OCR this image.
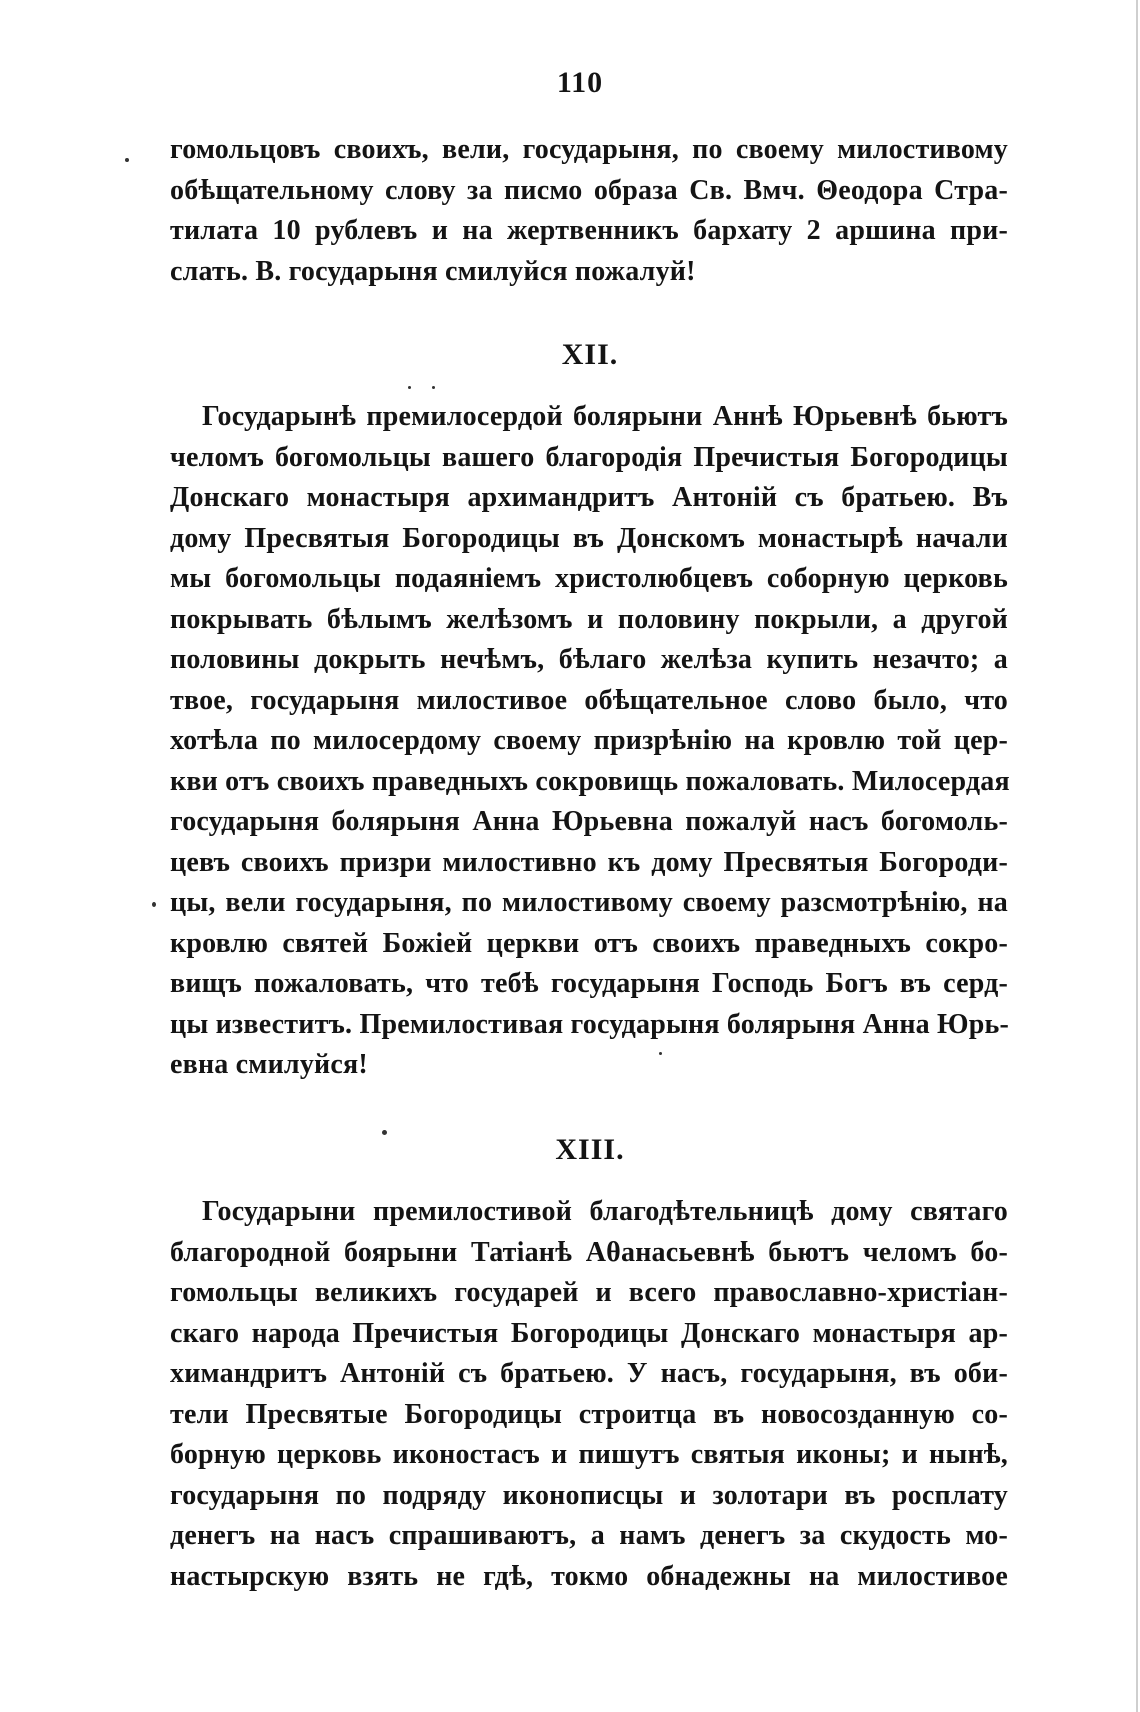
110
гомольцовъ своихъ, вели, государыня, по своему милостивому
обѣщательному слову за писмо образа Св. Вмч. Θеодора Стра-
тилата 10 рублевъ и на жертвенникъ бархату 2 аршина при-
слать. В. государыня смилуйся пожалуй!
XII.
Государынѣ премилосердой болярыни Аннѣ Юрьевнѣ бьютъ
челомъ богомольцы вашего благородія Пречистыя Богородицы
Донскаго монастыря архимандритъ Антоній съ братьею. Въ
дому Пресвятыя Богородицы въ Донскомъ монастырѣ начали
мы богомольцы подаяніемъ христолюбцевъ соборную церковь
покрывать бѣлымъ желѣзомъ и половину покрыли, а другой
половины докрыть нечѣмъ, бѣлаго желѣза купить незачто; а
твое, государыня милостивое обѣщательное слово было, что
хотѣла по милосердому своему призрѣнію на кровлю той цер-
кви отъ своихъ праведныхъ сокровищь пожаловать. Милосердая
государыня болярыня Анна Юрьевна пожалуй насъ богомоль-
цевъ своихъ призри милостивно къ дому Пресвятыя Богороди-
цы, вели государыня, по милостивому своему разсмотрѣнію, на
кровлю святей Божіей церкви отъ своихъ праведныхъ сокро-
вищъ пожаловать, что тебѣ государыня Господь Богъ въ серд-
цы известитъ. Премилостивая государыня болярыня Анна Юрь-
евна смилуйся!
XIII.
Государыни премилостивой благодѣтельницѣ дому святаго
благородной боярыни Татіанѣ Аθанасьевнѣ бьютъ челомъ бо-
гомольцы великихъ государей и всего православно-христіан-
скаго народа Пречистыя Богородицы Донскаго монастыря ар-
химандритъ Антоній съ братьею. У насъ, государыня, въ оби-
тели Пресвятые Богородицы строитца въ новосозданную со-
борную церковь иконостасъ и пишутъ святыя иконы; и нынѣ,
государыня по подряду иконописцы и золотари въ росплату
денегъ на насъ спрашиваютъ, а намъ денегъ за скудость мо-
настырскую взять не гдѣ, токмо обнадежны на милостивое
